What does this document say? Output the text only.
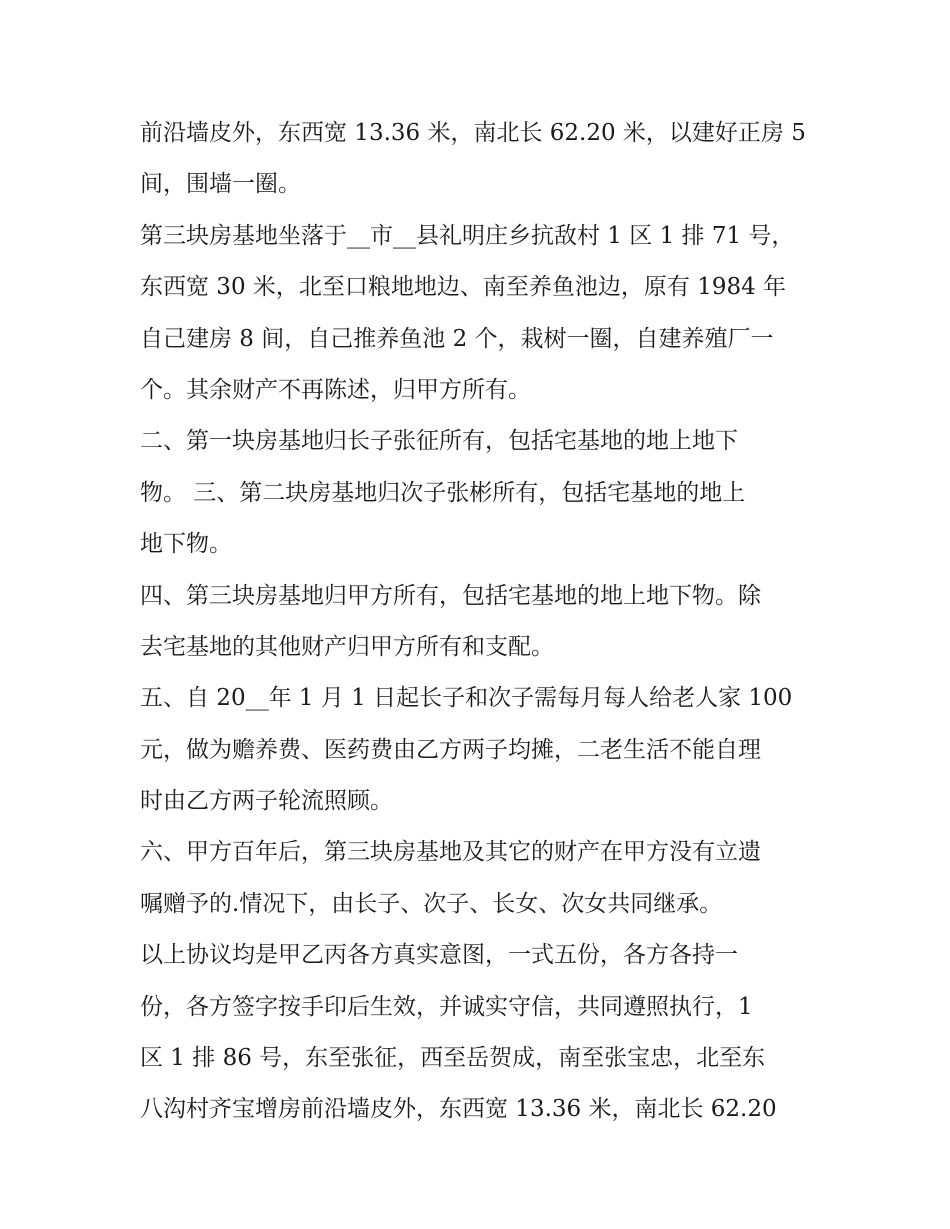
前沿墙皮外，东西宽 13.36 米，南北长 62.20 米，以建好正房 5
间，围墙一圈。
第三块房基地坐落于__市__县礼明庄乡抗敌村 1 区 1 排 71 号，
东西宽 30 米，北至口粮地地边、南至养鱼池边，原有 1984 年
自己建房 8 间，自己推养鱼池 2 个，栽树一圈，自建养殖厂一
个。其余财产不再陈述，归甲方所有。
二、第一块房基地归长子张征所有，包括宅基地的地上地下
物。 三、第二块房基地归次子张彬所有，包括宅基地的地上
地下物。
四、第三块房基地归甲方所有，包括宅基地的地上地下物。除
去宅基地的其他财产归甲方所有和支配。
五、自 20__年 1 月 1 日起长子和次子需每月每人给老人家 100
元，做为赡养费、医药费由乙方两子均摊，二老生活不能自理
时由乙方两子轮流照顾。
六、甲方百年后，第三块房基地及其它的财产在甲方没有立遗
嘱赠予的.情况下，由长子、次子、长女、次女共同继承。
以上协议均是甲乙丙各方真实意图，一式五份，各方各持一
份，各方签字按手印后生效，并诚实守信，共同遵照执行，1
区 1 排 86 号，东至张征，西至岳贺成，南至张宝忠，北至东
八沟村齐宝增房前沿墙皮外，东西宽 13.36 米，南北长 62.20
